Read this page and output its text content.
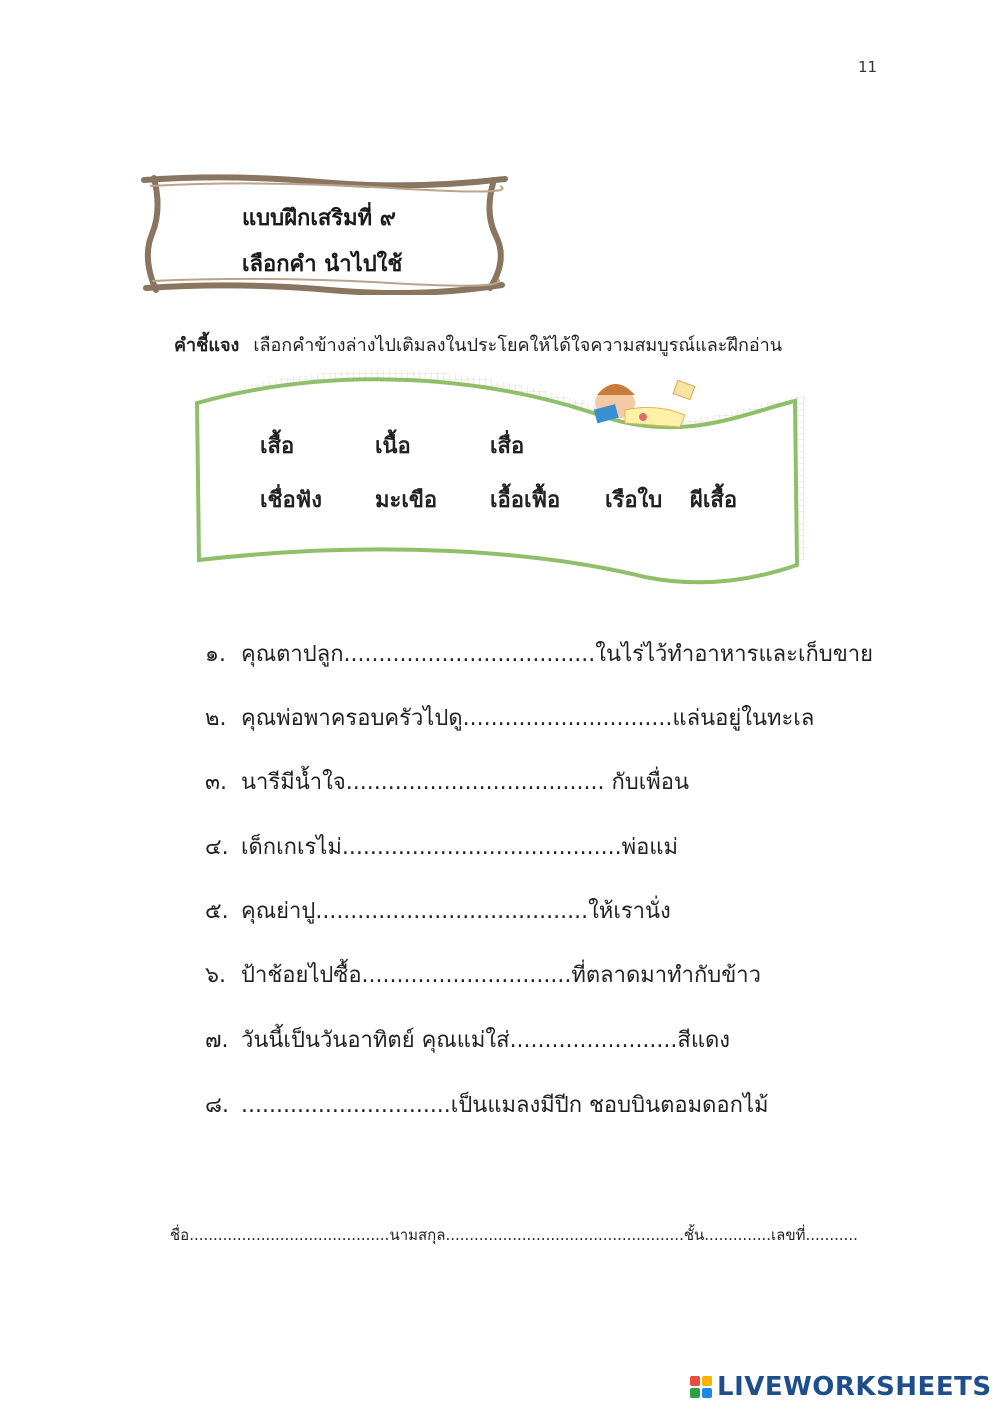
11
แบบฝึกเสริมที่ ๙
เลือกคำ นำไปใช้
คำชี้แจง เลือกคำข้างล่างไปเติมลงในประโยคให้ได้ใจความสมบูรณ์และฝึกอ่าน
เสื้อ	เนื้อ	เสื่อ
เชื่อฟัง มะเขือ เอื้อเฟื้อ เรือใบ ผีเสื้อ
๑. คุณตาปลูก....................................ในไร่ไว้ทำอาหารและเก็บขาย
๒. คุณพ่อพาครอบครัวไปดู..............................แล่นอยู่ในทะเล
๓. นารีมีน้ำใจ..................................... กับเพื่อน
๔. เด็กเกเรไม่........................................พ่อแม่
๕. คุณย่าปู.......................................ให้เรานั่ง
๖. ป้าช้อยไปซื้อ..............................ที่ตลาดมาทำกับข้าว
๗. วันนี้เป็นวันอาทิตย์ คุณแม่ใส่........................สีแดง
๘. ..............................เป็นแมลงมีปีก ชอบบินตอมดอกไม้
ชื่อ..........................................นามสกุล..................................................ชั้น..............เลขที่...........
LIVEWORKSHEETS
